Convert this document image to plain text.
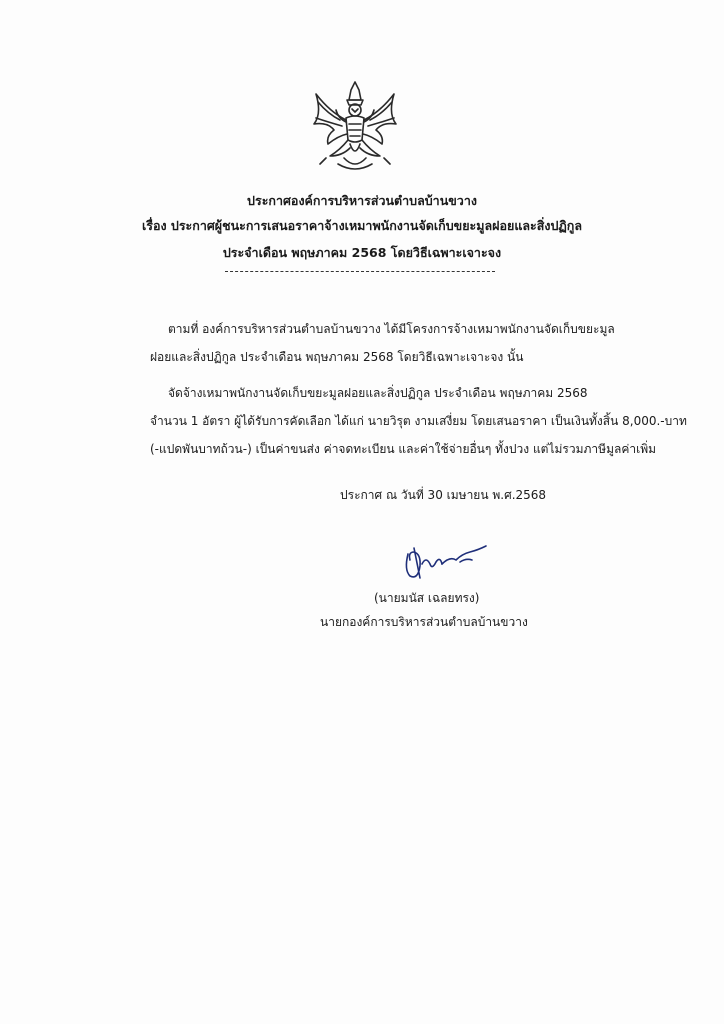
ประกาศองค์การบริหารส่วนตำบลบ้านขวาง
เรื่อง ประกาศผู้ชนะการเสนอราคาจ้างเหมาพนักงานจัดเก็บขยะมูลฝอยและสิ่งปฏิกูล
ประจำเดือน พฤษภาคม 2568 โดยวิธีเฉพาะเจาะจง
ตามที่ องค์การบริหารส่วนตำบลบ้านขวาง ได้มีโครงการจ้างเหมาพนักงานจัดเก็บขยะมูล
ฝอยและสิ่งปฏิกูล ประจำเดือน พฤษภาคม 2568 โดยวิธีเฉพาะเจาะจง นั้น
จัดจ้างเหมาพนักงานจัดเก็บขยะมูลฝอยและสิ่งปฏิกูล ประจำเดือน พฤษภาคม 2568
จำนวน 1 อัตรา ผู้ได้รับการคัดเลือก ได้แก่ นายวิรุต งามเสงี่ยม โดยเสนอราคา เป็นเงินทั้งสิ้น 8,000.-บาท
(-แปดพันบาทถ้วน-) เป็นค่าขนส่ง ค่าจดทะเบียน และค่าใช้จ่ายอื่นๆ ทั้งปวง แต่ไม่รวมภาษีมูลค่าเพิ่ม
ประกาศ ณ วันที่ 30 เมษายน พ.ศ.2568
(นายมนัส เฉลยทรง)
นายกองค์การบริหารส่วนตำบลบ้านขวาง
